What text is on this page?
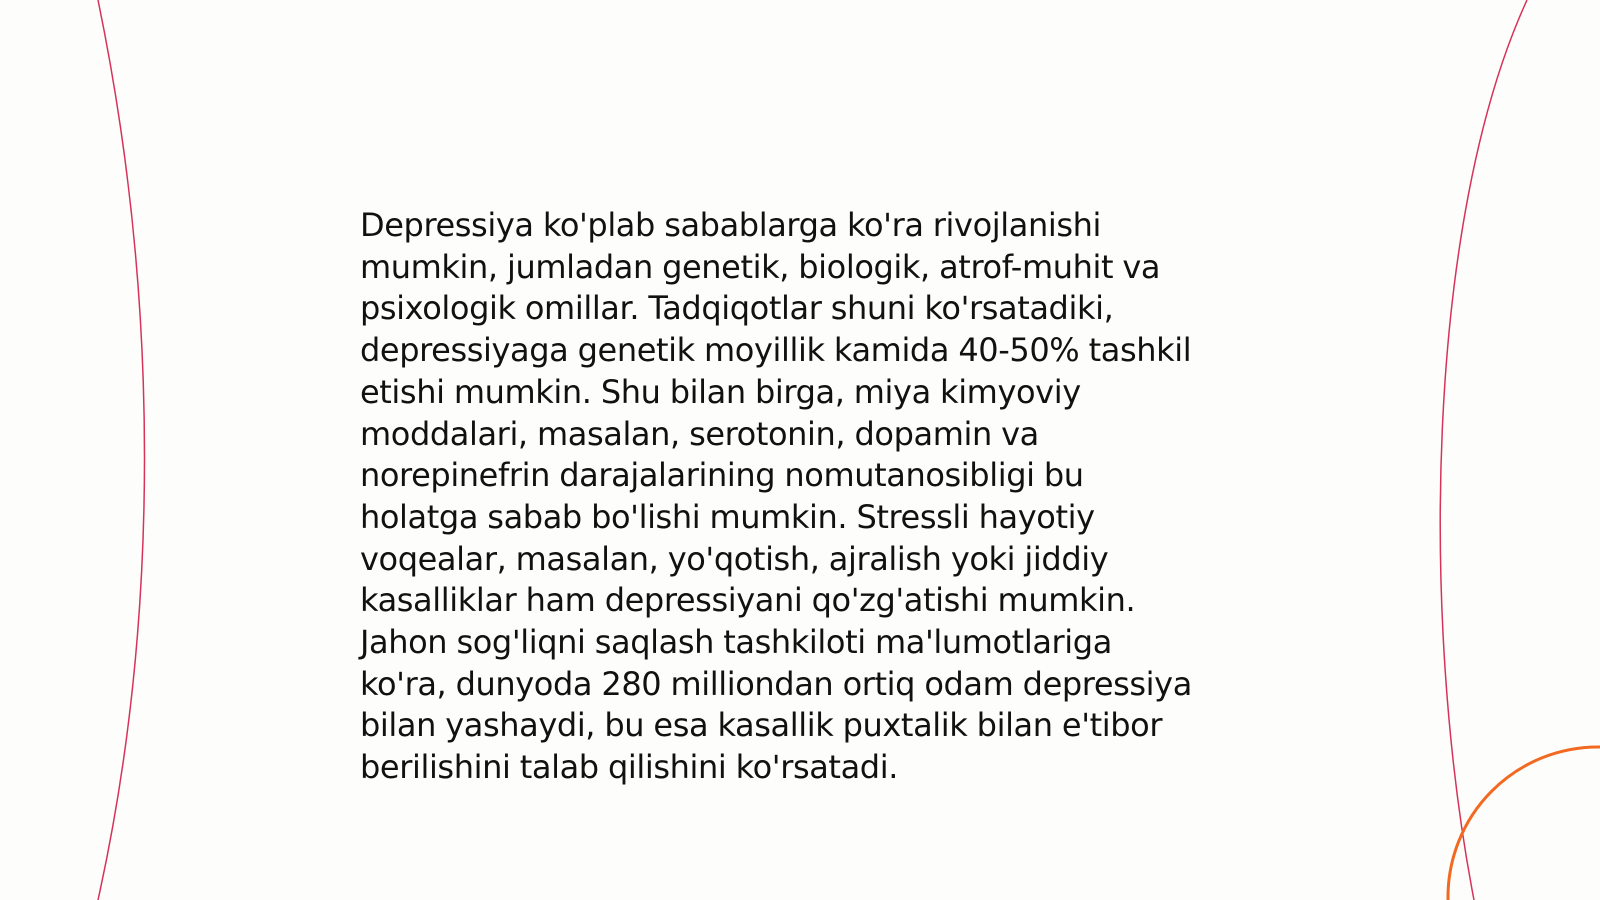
Depressiya ko'plab sabablarga ko'ra rivojlanishi
mumkin, jumladan genetik, biologik, atrof-muhit va
psixologik omillar. Tadqiqotlar shuni ko'rsatadiki,
depressiyaga genetik moyillik kamida 40-50% tashkil
etishi mumkin. Shu bilan birga, miya kimyoviy
moddalari, masalan, serotonin, dopamin va
norepinefrin darajalarining nomutanosibligi bu
holatga sabab bo'lishi mumkin. Stressli hayotiy
voqealar, masalan, yo'qotish, ajralish yoki jiddiy
kasalliklar ham depressiyani qo'zg'atishi mumkin.
Jahon sog'liqni saqlash tashkiloti ma'lumotlariga
ko'ra, dunyoda 280 milliondan ortiq odam depressiya
bilan yashaydi, bu esa kasallik puxtalik bilan e'tibor
berilishini talab qilishini ko'rsatadi.
